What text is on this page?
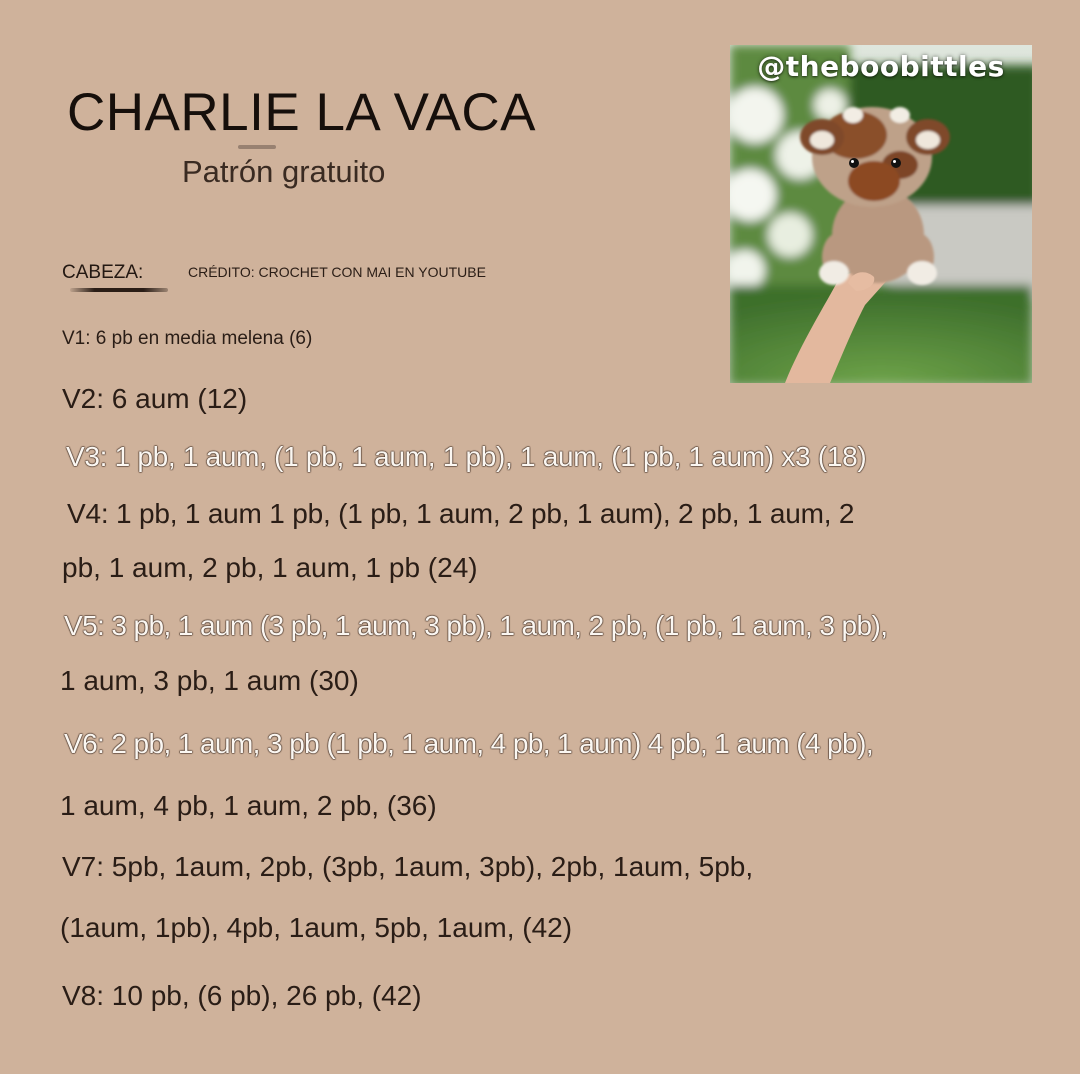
CHARLIE LA VACA
Patrón gratuito
CABEZA:	CRÉDITO: CROCHET CON MAI EN YOUTUBE
@theboobittles
V1: 6 pb en media melena (6)
V2: 6 aum (12)
V3: 1 pb, 1 aum, (1 pb, 1 aum, 1 pb), 1 aum, (1 pb, 1 aum) x3 (18)
V4: 1 pb, 1 aum 1 pb, (1 pb, 1 aum, 2 pb, 1 aum), 2 pb, 1 aum, 2
pb, 1 aum, 2 pb, 1 aum, 1 pb (24)
V5: 3 pb, 1 aum (3 pb, 1 aum, 3 pb), 1 aum, 2 pb, (1 pb, 1 aum, 3 pb),
1 aum, 3 pb, 1 aum (30)
V6: 2 pb, 1 aum, 3 pb (1 pb, 1 aum, 4 pb, 1 aum) 4 pb, 1 aum (4 pb),
1 aum, 4 pb, 1 aum, 2 pb, (36)
V7: 5pb, 1aum, 2pb, (3pb, 1aum, 3pb), 2pb, 1aum, 5pb,
(1aum, 1pb), 4pb, 1aum, 5pb, 1aum, (42)
V8: 10 pb, (6 pb), 26 pb, (42)
